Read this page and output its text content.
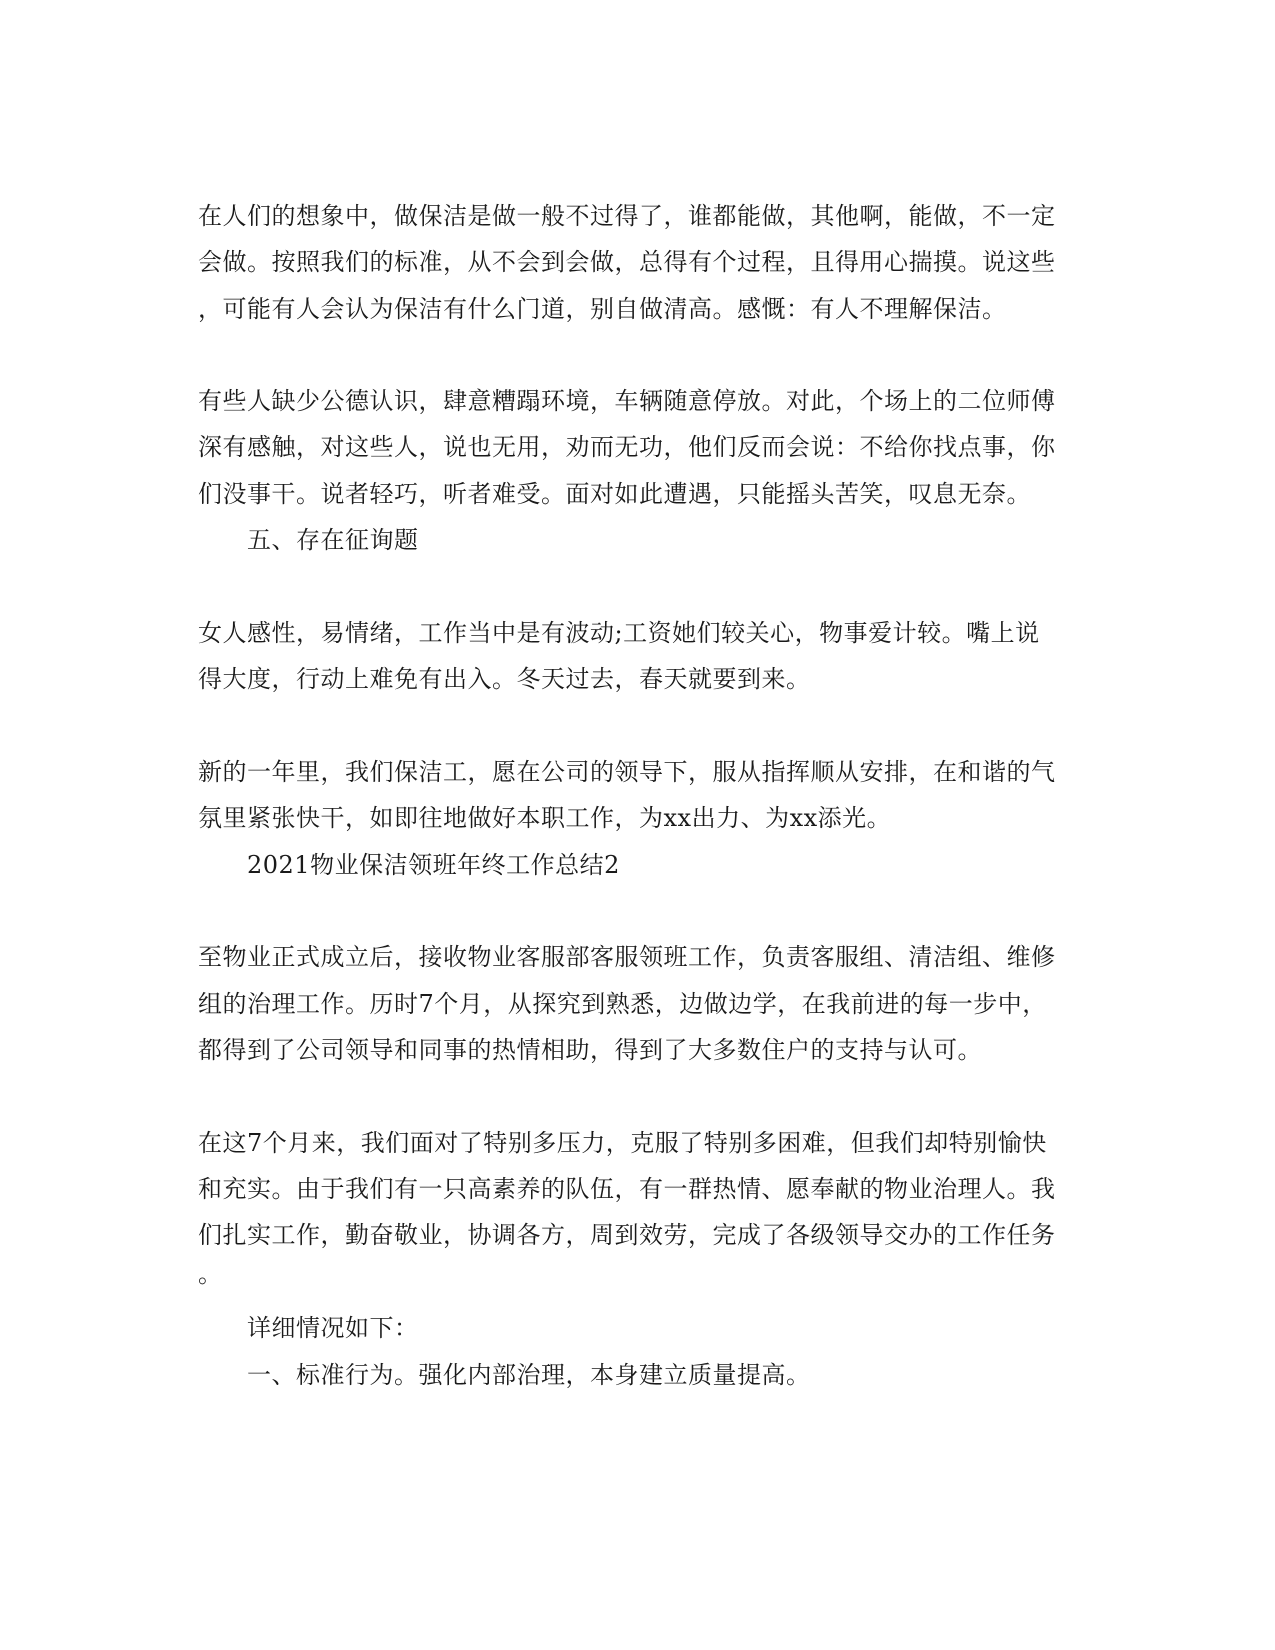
在人们的想象中，做保洁是做一般不过得了，谁都能做，其他啊，能做，不一定
会做。按照我们的标准，从不会到会做，总得有个过程，且得用心揣摸。说这些
，可能有人会认为保洁有什么门道，别自做清高。感慨：有人不理解保洁。
有些人缺少公德认识，肆意糟蹋环境，车辆随意停放。对此，个场上的二位师傅
深有感触，对这些人，说也无用，劝而无功，他们反而会说：不给你找点事，你
们没事干。说者轻巧，听者难受。面对如此遭遇，只能摇头苦笑，叹息无奈。
五、存在征询题
女人感性，易情绪，工作当中是有波动;工资她们较关心，物事爱计较。嘴上说
得大度，行动上难免有出入。冬天过去，春天就要到来。
新的一年里，我们保洁工，愿在公司的领导下，服从指挥顺从安排，在和谐的气
氛里紧张快干，如即往地做好本职工作，为xx出力、为xx添光。
2021物业保洁领班年终工作总结2
至物业正式成立后，接收物业客服部客服领班工作，负责客服组、清洁组、维修
组的治理工作。历时7个月，从探究到熟悉，边做边学，在我前进的每一步中，
都得到了公司领导和同事的热情相助，得到了大多数住户的支持与认可。
在这7个月来，我们面对了特别多压力，克服了特别多困难，但我们却特别愉快
和充实。由于我们有一只高素养的队伍，有一群热情、愿奉献的物业治理人。我
们扎实工作，勤奋敬业，协调各方，周到效劳，完成了各级领导交办的工作任务
。
详细情况如下：
一、标准行为。强化内部治理，本身建立质量提高。
